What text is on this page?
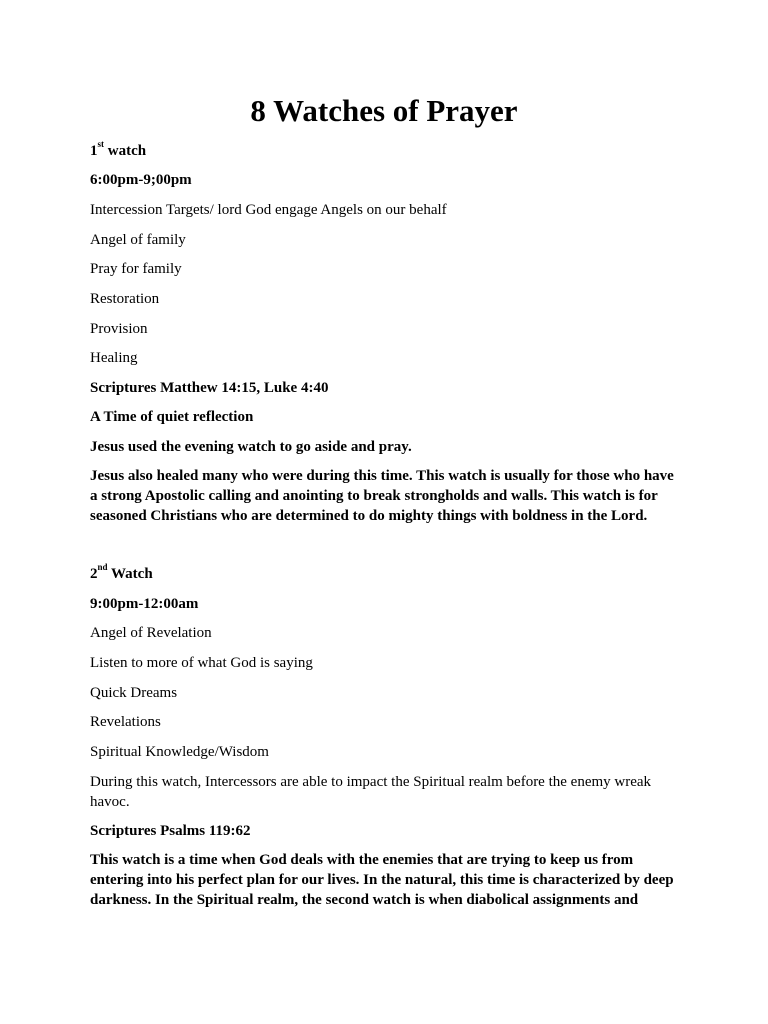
8 Watches of Prayer

1st watch

6:00pm-9;00pm

Intercession Targets/ lord God engage Angels on our behalf

Angel of family

Pray for family

Restoration

Provision

Healing

Scriptures Matthew 14:15, Luke 4:40

A Time of quiet reflection

Jesus used the evening watch to go aside and pray.

Jesus also healed many who were during this time. This watch is usually for those who have a strong Apostolic calling and anointing to break strongholds and walls. This watch is for seasoned Christians who are determined to do mighty things with boldness in the Lord.

2nd Watch

9:00pm-12:00am

Angel of Revelation

Listen to more of what God is saying

Quick Dreams

Revelations

Spiritual Knowledge/Wisdom

During this watch, Intercessors are able to impact the Spiritual realm before the enemy wreak havoc.

Scriptures Psalms 119:62

This watch is a time when God deals with the enemies that are trying to keep us from entering into his perfect plan for our lives. In the natural, this time is characterized by deep darkness. In the Spiritual realm, the second watch is when diabolical assignments and
